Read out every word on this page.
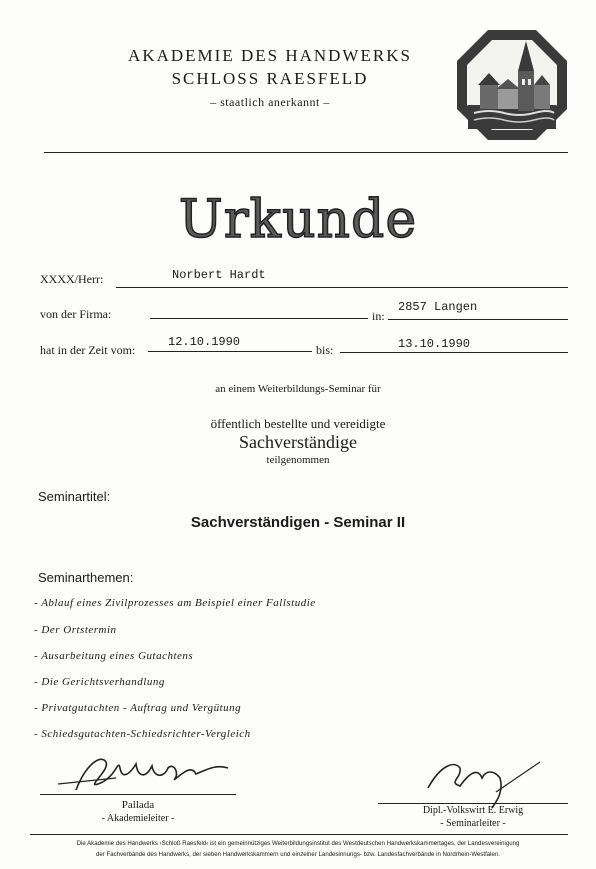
AKADEMIE DES HANDWERKS
SCHLOSS RAESFELD
– staatlich anerkannt –
Urkunde
XXXX/Herr:	Norbert Hardt
von der Firma:	in:
2857 Langen
hat in der Zeit vom:
12.10.1990
bis:	13.10.1990
an einem Weiterbildungs-Seminar für
öffentlich bestellte und vereidigte
Sachverständige
teilgenommen
Seminartitel:
Sachverständigen - Seminar II
Seminarthemen:
- Ablauf eines Zivilprozesses am Beispiel einer Fallstudie
- Der Ortstermin
- Ausarbeitung eines Gutachtens
- Die Gerichtsverhandlung
- Privatgutachten - Auftrag und Vergütung
- Schiedsgutachten-Schiedsrichter-Vergleich
Pallada
- Akademieleiter -
Dipl.-Volkswirt E. Erwig
- Seminarleiter -
Die Akademie des Handwerks ›Schloß Raesfeld‹ ist ein gemeinnütziges Weiterbildungsinstitut des Westdeutschen Handwerkskammertages, der Landesvereinigung
der Fachverbände des Handwerks, der sieben Handwerkskammern und einzelner Landesinnungs- bzw. Landesfachverbände in Nordrhein-Westfalen.
